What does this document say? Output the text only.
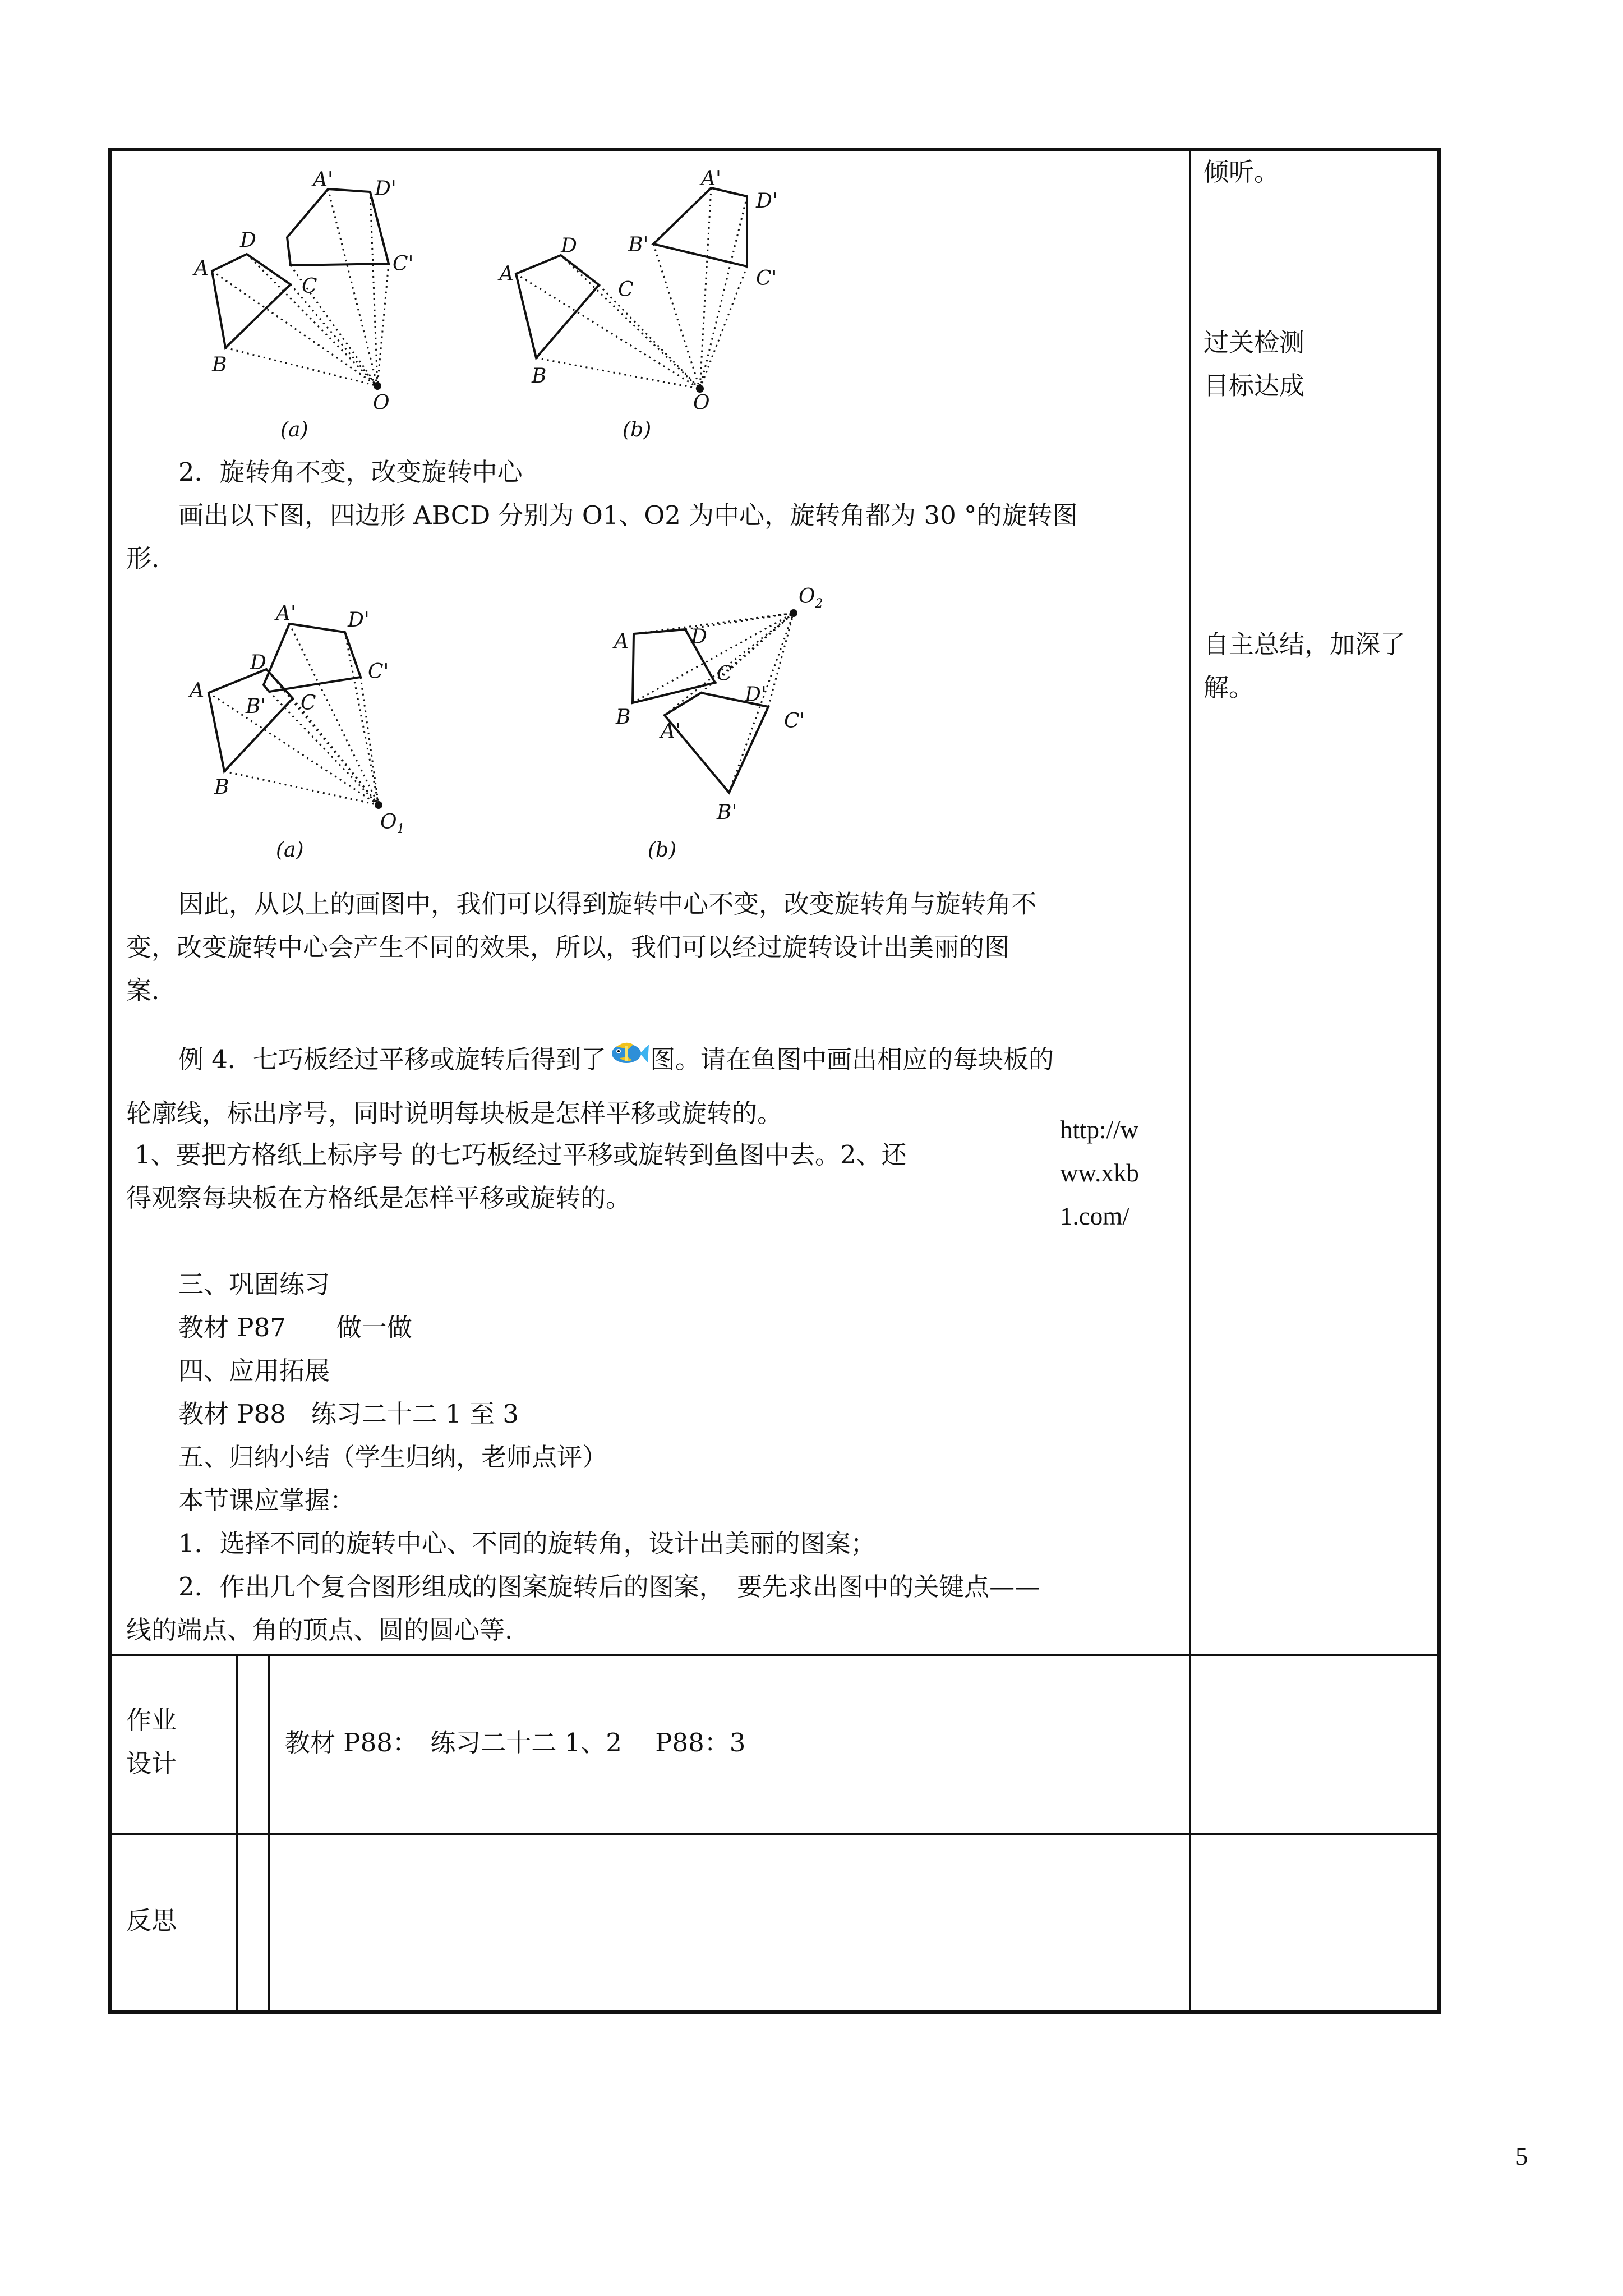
A
D
C
B
A' D'
C'
O
(a)
A
D
C
B
A'
D'
B'
C'
O
(b)
2．旋转角不变，改变旋转中心
画出以下图，四边形 ABCD 分别为 O1、O2 为中心，旋转角都为 30 °的旋转图
形.
A
D
B' C
B
A'	D'
C'
$O_1$
(a)
$O_2$
A	D
C
B
D'
C'
A'
B'
(b)
因此，从以上的画图中，我们可以得到旋转中心不变，改变旋转角与旋转角不
变，改变旋转中心会产生不同的效果，所以，我们可以经过旋转设计出美丽的图
案.
例 4．七巧板经过平移或旋转后得到了 图。请在鱼图中画出相应的每块板的
轮廓线，标出序号，同时说明每块板是怎样平移或旋转的。
1、要把方格纸上标序号 的七巧板经过平移或旋转到鱼图中去。2、还
得观察每块板在方格纸是怎样平移或旋转的。
http://w
ww.xkb
1.com/
三、巩固练习
教材 P87　　做一做
四、应用拓展
教材 P88　练习二十二 1 至 3
五、归纳小结（学生归纳，老师点评）
本节课应掌握：
1．选择不同的旋转中心、不同的旋转角，设计出美丽的图案；
2．作出几个复合图形组成的图案旋转后的图案，　要先求出图中的关键点——
线的端点、角的顶点、圆的圆心等.
倾听。
过关检测
目标达成
自主总结，加深了
解。
作业
设计
教材 P88：　练习二十二 1、2　 P88：3
反思
5
